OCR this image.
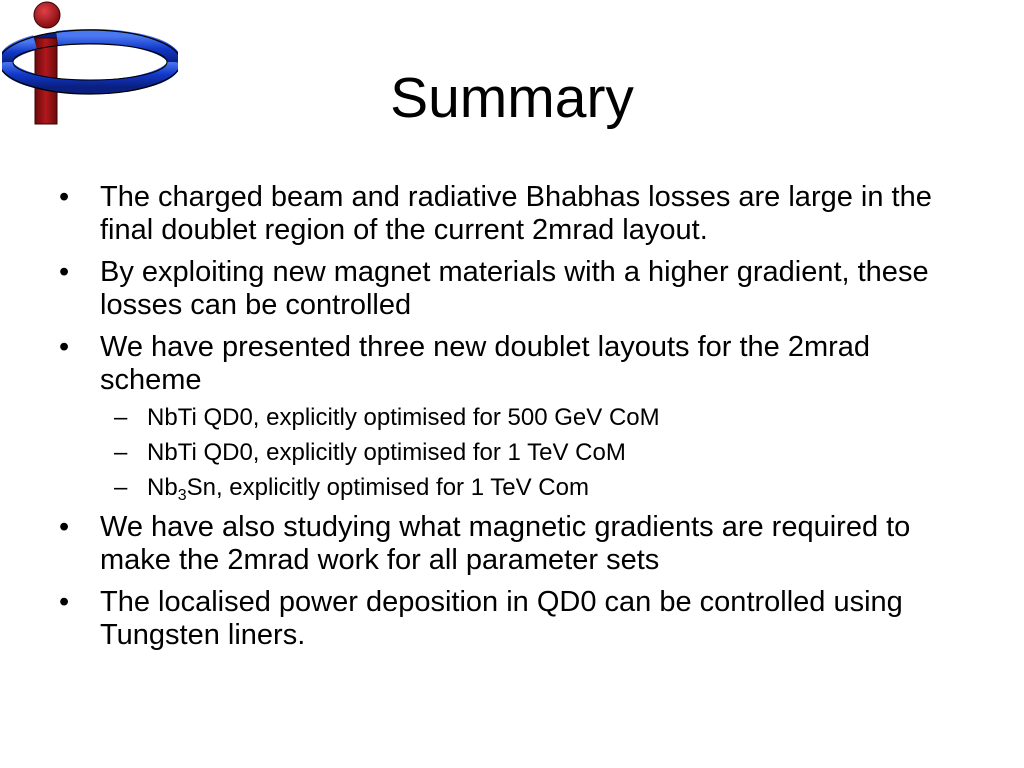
Summary
• The charged beam and radiative Bhabhas losses are large in the final doublet region of the current 2mrad layout.
• By exploiting new magnet materials with a higher gradient, these losses can be controlled
• We have presented three new doublet layouts for the 2mrad scheme
– NbTi QD0, explicitly optimised for 500 GeV CoM
– NbTi QD0, explicitly optimised for 1 TeV CoM
– $Nb_3Sn$, explicitly optimised for 1 TeV Com
• We have also studying what magnetic gradients are required to make the 2mrad work for all parameter sets
• The localised power deposition in QD0 can be controlled using Tungsten liners.
